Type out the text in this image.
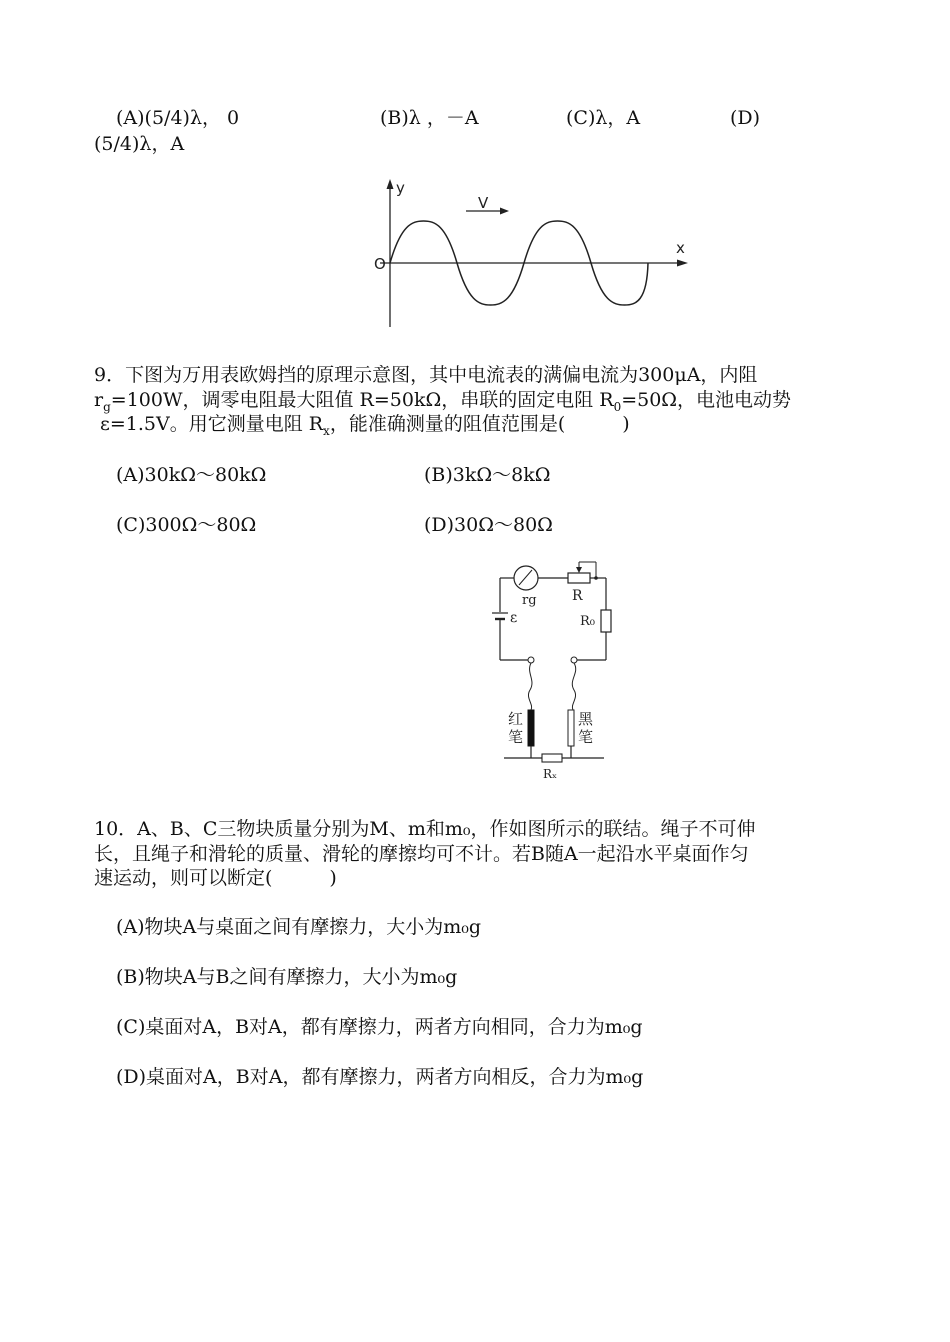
(A)(5/4)λ， 0	(B)λ ，－A	(C)λ，A	(D)
(5/4)λ，A
V
y
x
O
9．下图为万用表欧姆挡的原理示意图，其中电流表的满偏电流为300μA，内阻
$r_g=100W$，调零电阻最大阻值 R=50kΩ，串联的固定电阻 $R_0=50\Omega$，电池电动势
ε=1.5V。用它测量电阻 $R_x$，能准确测量的阻值范围是(　　　)
(A)30kΩ～80kΩ	(B)3kΩ～8kΩ
(C)300Ω～80Ω	(D)30Ω～80Ω
rg	R
R₀
ε
红
笔
黑
笔
Rₓ
10．A、B、C三物块质量分别为M、m和m₀，作如图所示的联结。绳子不可伸
长，且绳子和滑轮的质量、滑轮的摩擦均可不计。若B随A一起沿水平桌面作匀
速运动，则可以断定(　　　)
(A)物块A与桌面之间有摩擦力，大小为m₀g
(B)物块A与B之间有摩擦力，大小为m₀g
(C)桌面对A，B对A，都有摩擦力，两者方向相同，合力为m₀g
(D)桌面对A，B对A，都有摩擦力，两者方向相反，合力为m₀g
